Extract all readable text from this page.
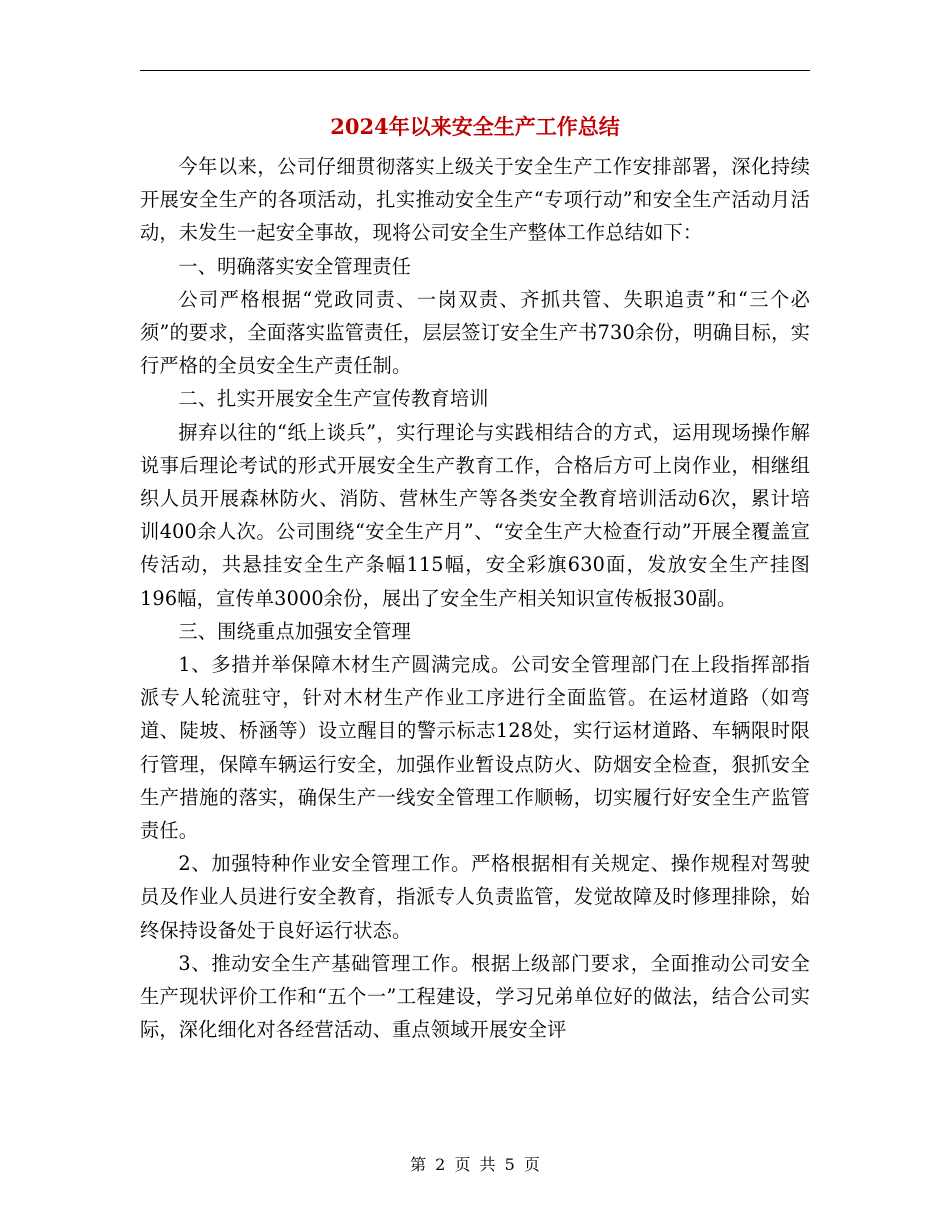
2024年以来安全生产工作总结

今年以来，公司仔细贯彻落实上级关于安全生产工作安排部署，深化持续开展安全生产的各项活动，扎实推动安全生产“专项行动”和安全生产活动月活动，未发生一起安全事故，现将公司安全生产整体工作总结如下：

一、明确落实安全管理责任

公司严格根据“党政同责、一岗双责、齐抓共管、失职追责”和“三个必须”的要求，全面落实监管责任，层层签订安全生产书730余份，明确目标，实行严格的全员安全生产责任制。

二、扎实开展安全生产宣传教育培训

摒弃以往的“纸上谈兵”，实行理论与实践相结合的方式，运用现场操作解说事后理论考试的形式开展安全生产教育工作，合格后方可上岗作业，相继组织人员开展森林防火、消防、营林生产等各类安全教育培训活动6次，累计培训400余人次。公司围绕“安全生产月”、“安全生产大检查行动”开展全覆盖宣传活动，共悬挂安全生产条幅115幅，安全彩旗630面，发放安全生产挂图196幅，宣传单3000余份，展出了安全生产相关知识宣传板报30副。

三、围绕重点加强安全管理

1、多措并举保障木材生产圆满完成。公司安全管理部门在上段指挥部指派专人轮流驻守，针对木材生产作业工序进行全面监管。在运材道路（如弯道、陡坡、桥涵等）设立醒目的警示标志128处，实行运材道路、车辆限时限行管理，保障车辆运行安全，加强作业暂设点防火、防烟安全检查，狠抓安全生产措施的落实，确保生产一线安全管理工作顺畅，切实履行好安全生产监管责任。

2、加强特种作业安全管理工作。严格根据相有关规定、操作规程对驾驶员及作业人员进行安全教育，指派专人负责监管，发觉故障及时修理排除，始终保持设备处于良好运行状态。

3、推动安全生产基础管理工作。根据上级部门要求，全面推动公司安全生产现状评价工作和“五个一”工程建设，学习兄弟单位好的做法，结合公司实际，深化细化对各经营活动、重点领域开展安全评

第 2 页 共 5 页
